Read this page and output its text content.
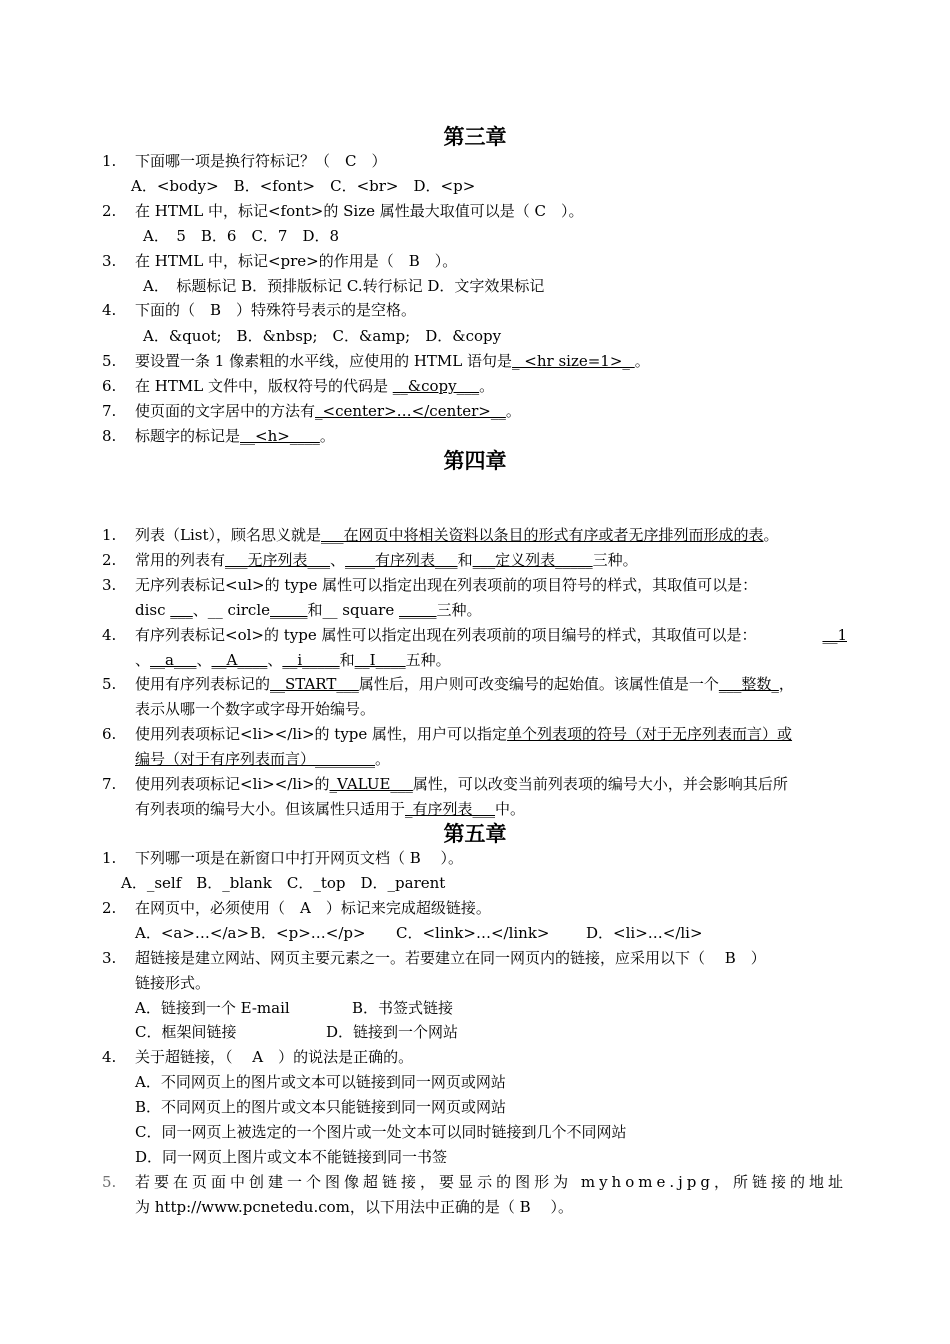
第三章
1.	下面哪一项是换行符标记？（　C　）
A．<body>　B．<font>　C．<br>　D．<p>
2.	在 HTML 中，标记<font>的 Size 属性最大取值可以是（ C　）。
A．　5　B．6　C．7　D．8
3.	在 HTML 中，标记<pre>的作用是（　B　）。
A．　标题标记 B．预排版标记 C.转行标记 D．文字效果标记
4.	下面的（　B　）特殊符号表示的是空格。
A．&quot;　B．&nbsp;　C．&amp;　D．&copy
5.	要设置一条 1 像素粗的水平线，应使用的 HTML 语句是_ <hr size=1>_ 。
6.	在 HTML 文件中，版权符号的代码是 __&copy___。
7.	使页面的文字居中的方法有_<center>…</center>__。
8.	标题字的标记是__<h>____。
第四章
1.	列表（List），顾名思义就是___在网页中将相关资料以条目的形式有序或者无序排列而形成的表。
2.	常用的列表有___无序列表___、____有序列表___和___定义列表_____三种。
3.	无序列表标记<ul>的 type 属性可以指定出现在列表项前的项目符号的样式，其取值可以是：
disc ___、__ circle_____和__ square _____三种。
4.	有序列表标记<ol>的 type 属性可以指定出现在列表项前的项目编号的样式，其取值可以是：	__1
、__a___、__A____、__i_____和__I____五种。
5.	使用有序列表标记的__START___属性后，用户则可改变编号的起始值。该属性值是一个___整数_，
表示从哪一个数字或字母开始编号。
6.	使用列表项标记<li></li>的 type 属性，用户可以指定单个列表项的符号（对于无序列表而言）或
编号（对于有序列表而言）________。
7.	使用列表项标记<li></li>的_VALUE___属性，可以改变当前列表项的编号大小，并会影响其后所
有列表项的编号大小。但该属性只适用于_有序列表___中。
第五章
1.	下列哪一项是在新窗口中打开网页文档（ B　 ）。
A．_self　B．_blank　C．_top　D．_parent
2.	在网页中，必须使用（　A　）标记来完成超级链接。
A．<a>…</a> B．<p>…</p> C．<link>…</link> D．<li>…</li>
3.	超链接是建立网站、网页主要元素之一。若要建立在同一网页内的链接，应采用以下（　 B　）
链接形式。
A．链接到一个 E-mail	B．书签式链接
C．框架间链接	D．链接到一个网站
4.	关于超链接，（　 A　）的说法是正确的。
A．不同网页上的图片或文本可以链接到同一网页或网站
B．不同网页上的图片或文本只能链接到同一网页或网站
C．同一网页上被选定的一个图片或一处文本可以同时链接到几个不同网站
D．同一网页上图片或文本不能链接到同一书签
5.	若要在页面中创建一个图像超链接，要显示的图形为 myhome.jpg，所链接的地址
为 http://www.pcnetedu.com，以下用法中正确的是（ B　 ）。
